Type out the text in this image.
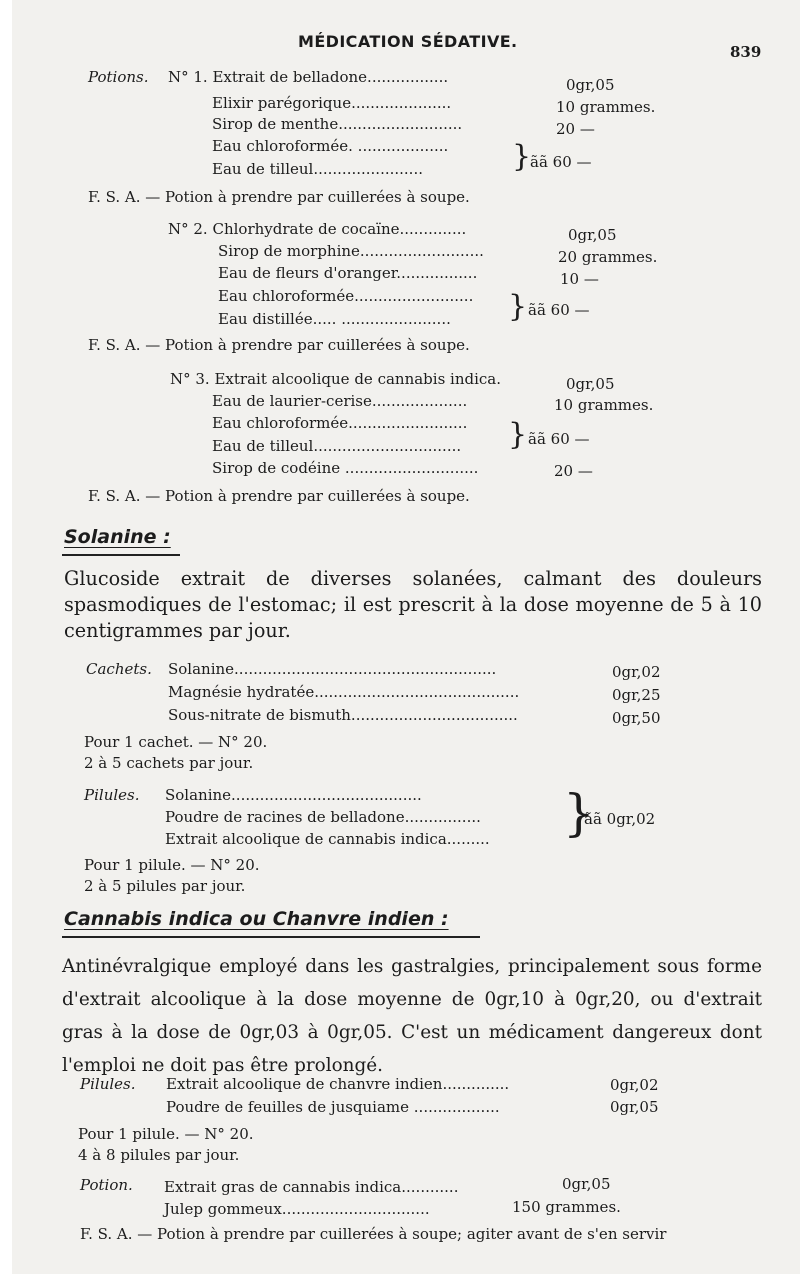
MÉDICATION SÉDATIVE.
839
Potions. N° 1. Extrait de belladone.................	0gr,05
Elixir parégorique.....................	10 grammes.
Sirop de menthe..........................	20 —
Eau chloroformée. ...................
Eau de tilleul.......................	}
ãã 60 —
F. S. A. — Potion à prendre par cuillerées à soupe.
N° 2. Chlorhydrate de cocaïne..............	0gr,05
Sirop de morphine..........................	20 grammes.
Eau de fleurs d'oranger.................	10 —
Eau chloroformée.........................
Eau distillée..... ....................... } ãã 60 —
F. S. A. — Potion à prendre par cuillerées à soupe.
N° 3. Extrait alcoolique de cannabis indica.	0gr,05
Eau de laurier-cerise....................	10 grammes.
Eau chloroformée.........................
Eau de tilleul............................... } ãã 60 —
Sirop de codéine ............................	20 —
F. S. A. — Potion à prendre par cuillerées à soupe.
Solanine :
Glucoside extrait de diverses solanées, calmant des douleurs spasmodiques de l'estomac; il est prescrit à la dose moyenne de 5 à 10 centigrammes par jour.
Cachets. Solanine.......................................................	0gr,02
Magnésie hydratée...........................................	0gr,25
Sous-nitrate de bismuth...................................	0gr,50
Pour 1 cachet. — N° 20.
2 à 5 cachets par jour.
Pilules. Solanine........................................
Poudre de racines de belladone................
Extrait alcoolique de cannabis indica......... }
ãã 0gr,02
Pour 1 pilule. — N° 20.
2 à 5 pilules par jour.
Cannabis indica ou Chanvre indien :
Antinévralgique employé dans les gastralgies, principalement sous forme d'extrait alcoolique à la dose moyenne de 0gr,10 à 0gr,20, ou d'extrait gras à la dose de 0gr,03 à 0gr,05. C'est un médicament dangereux dont l'emploi ne doit pas être prolongé.
Pilules. Extrait alcoolique de chanvre indien..............	0gr,02
Poudre de feuilles de jusquiame ..................	0gr,05
Pour 1 pilule. — N° 20.
4 à 8 pilules par jour.
Potion. Extrait gras de cannabis indica............	0gr,05
Julep gommeux...............................	150 grammes.
F. S. A. — Potion à prendre par cuillerées à soupe; agiter avant de s'en servir
